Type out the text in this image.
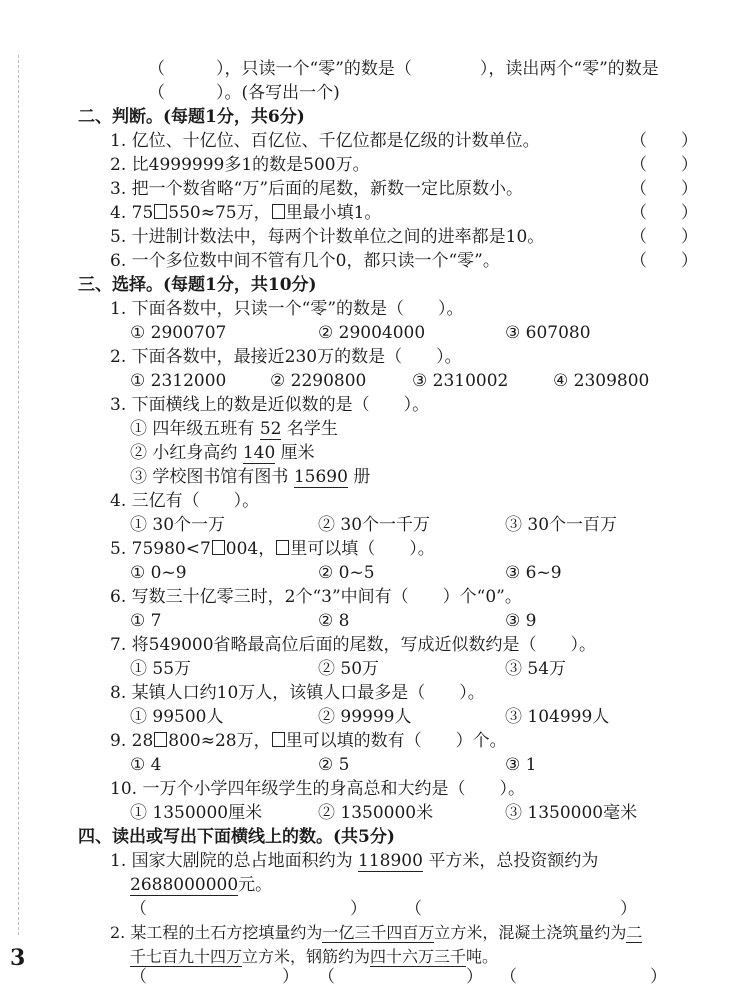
（　　　），只读一个“零”的数是（　　　　），读出两个“零”的数是
（　　　）。(各写出一个)
二、判断。(每题1分，共6分)
1. 亿位、十亿位、百亿位、千亿位都是亿级的计数单位。	（　　）
2. 比4999999多1的数是500万。	（　　）
3. 把一个数省略“万”后面的尾数，新数一定比原数小。	（　　）
4. 75 550≈75万， 里最小填1。	（　　）
5. 十进制计数法中，每两个计数单位之间的进率都是10。	（　　）
6. 一个多位数中间不管有几个0，都只读一个“零”。	（　　）
三、选择。(每题1分，共10分)
1. 下面各数中，只读一个“零”的数是（　　）。
① 2900707	② 29004000	③ 607080
2. 下面各数中，最接近230万的数是（　　）。
① 2312000	② 2290800	③ 2310002	④ 2309800
3. 下面横线上的数是近似数的是（　　）。
① 四年级五班有 52 名学生
② 小红身高约 140 厘米
③ 学校图书馆有图书 15690 册
4. 三亿有（　　）。
① 30个一万	② 30个一千万	③ 30个一百万
5. 75980<7 004， 里可以填（　　）。
① 0~9	② 0~5	③ 6~9
6. 写数三十亿零三时，2个“3”中间有（　　）个“0”。
① 7	② 8	③ 9
7. 将549000省略最高位后面的尾数，写成近似数约是（　　）。
① 55万	② 50万	③ 54万
8. 某镇人口约10万人，该镇人口最多是（　　）。
① 99500人	② 99999人	③ 104999人
9. 28 800≈28万， 里可以填的数有（　　）个。
① 4	② 5	③ 1
10. 一万个小学四年级学生的身高总和大约是（　　）。
① 1350000厘米	② 1350000米	③ 1350000毫米
四、读出或写出下面横线上的数。(共5分)
1. 国家大剧院的总占地面积约为 118900 平方米，总投资额约为
2688000000元。
（	） （	）
2. 某工程的土石方挖填量约为一亿三千四百万立方米，混凝土浇筑量约为二
千七百九十四万立方米，钢筋约为四十六万三千吨。
（	） （	） （	）
3
